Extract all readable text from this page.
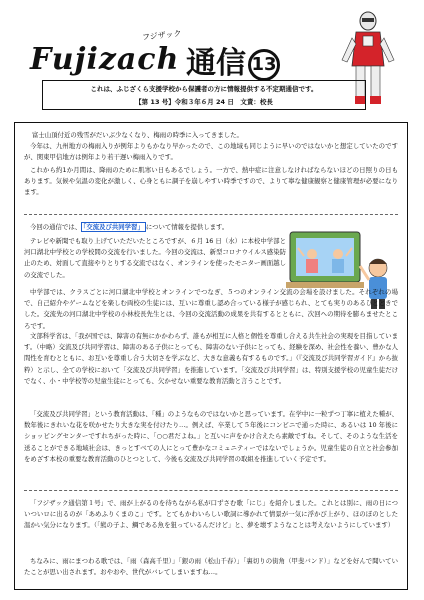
Fujizach
フジザック
通信 13
これは、ふじざくら支援学校から保護者の方に情報提供する不定期通信です。
【第 13 号】令和３年６月 24 日　文責：校長

富士山頂付近の残雪がだいぶ少なくなり、梅雨の時季に入ってきました。

今年は、九州地方の梅雨入りが例年よりもかなり早かったので、この地域も同じように早いのではないかと想定していたのですが、関東甲信地方は例年より若干遅い梅雨入りです。

これから約1か月間は、降雨のために肌寒い日もあるでしょう。一方で、熱中症に注意しなければならないほどの日照りの日もあります。気候や気温の変化が激しく、心身ともに調子を崩しやすい時季ですので、よりて寧な健康観察と健康管理が必要になります。

今回の通信では、 「交流及び共同学習」 について情報を提供します。

テレビや新聞でも取り上げていただいたところですが、６月 16 日（水）に本校中学部と河口湖北中学校との学校間の交流を行いました。今回の交流は、新型コロナウイルス感染防止のため、対面して直接やりとりする交流ではなく、オンラインを使ったモニター画面越しの交流でした。

中学部では、クラスごとに河口湖北中学校とオンラインでつなぎ、５つのオンライン交流の会場を設けました。それぞれの場で、自己紹介やゲームなどを楽しむ両校の生徒には、互いに尊重し認め合っている様子が感じられ、とても実りのあるひとときでした。交流先の河口湖北中学校の小林校長先生とは、今回の交流活動の成果を共有するとともに、次回への期待を膨らませたところです。

文部科学省は、「我が国では、障害の有無にかかわらず、誰もが相互に人格と個性を尊重し合える共生社会の実現を目指しています。（中略）交流及び共同学習は、障害のある子供にとっても、障害のない子供にとっても、経験を深め、社会性を養い、豊かな人間性を育むとともに、お互いを尊重し合う大切さを学ぶなど、大きな意義も有するものです。」（『交流及び共同学習ガイド』から抜粋）と示し、全ての学校において「交流及び共同学習」を推進しています。「交流及び共同学習」は、特別支援学校の児童生徒だけでなく、小・中学校等の児童生徒にとっても、欠かせない重要な教育活動と言うことです。

「交流及び共同学習」という教育活動は、「種」のようなものではないかと思っています。在学中に一粒ずつ丁寧に植えた種が、数年後にきれいな花を咲かせたり大きな実を付けたり…。例えば、卒業して５年後にコンビニで通った時に、あるいは 10 年後にショッピングセンターですれちがった時に、「○○君だよね。」と互いに声をかけ合えたら素敵ですね。そして、そのような生活を送ることができる地域社会は、きっとすべての人にとって豊かなコミュニティーではないでしょうか。児童生徒の自立と社会参加をめざす本校の重要な教育活動のひとつとして、今後も交流及び共同学習の取組を推進していく予定です。

「フジザック通信第１号」で、雨が上がるのを待ちながら私が口ずさむ歌「にじ」を紹介しました。これとは別に、雨の日についついロに出るのが「あめふりくまのこ」です。とてもかわいらしい歌詞に導かれて情景が一気に浮かび上がり、ほのぼのとした温かい気分になります。（「熊の子よ、鯛である魚を狙っているんだけど」と、夢を壊すようなことは考えないようにしています）

ちなみに、雨にまつわる歌では、「雨（森高千里）」「銀の雨（松山千春）」「裏切りの街角（甲斐バンド）」などを好んで聞いていたことが思い出されます。おやおや、世代がバレてしまいますね…。
